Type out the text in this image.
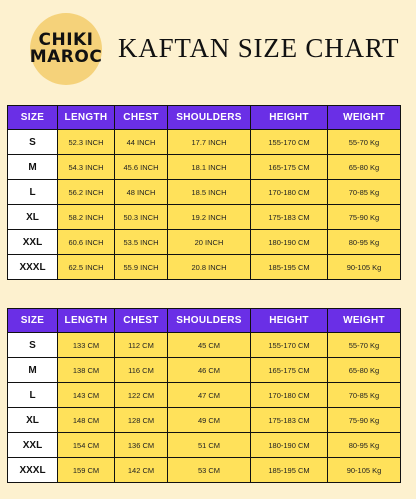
CHIKI
MAROC KAFTAN SIZE CHART
SIZE	LENGTH	CHEST	SHOULDERS	HEIGHT	WEIGHT
S	52.3 INCH	44 INCH	17.7 INCH	155-170 CM	55-70 Kg
M	54.3 INCH	45.6 INCH	18.1 INCH	165-175 CM	65-80 Kg
L	56.2 INCH	48 INCH	18.5 INCH	170-180 CM	70-85 Kg
XL	58.2 INCH	50.3 INCH	19.2 INCH	175-183 CM	75-90 Kg
XXL	60.6 INCH	53.5 INCH	20 INCH	180-190 CM	80-95 Kg
XXXL	62.5 INCH	55.9 INCH	20.8 INCH	185-195 CM	90-105 Kg
SIZE	LENGTH	CHEST	SHOULDERS	HEIGHT	WEIGHT
S	133 CM	112 CM	45 CM	155-170 CM	55-70 Kg
M	138 CM	116 CM	46 CM	165-175 CM	65-80 Kg
L	143 CM	122 CM	47 CM	170-180 CM	70-85 Kg
XL	148 CM	128 CM	49 CM	175-183 CM	75-90 Kg
XXL	154 CM	136 CM	51 CM	180-190 CM	80-95 Kg
XXXL	159 CM	142 CM	53 CM	185-195 CM	90-105 Kg
